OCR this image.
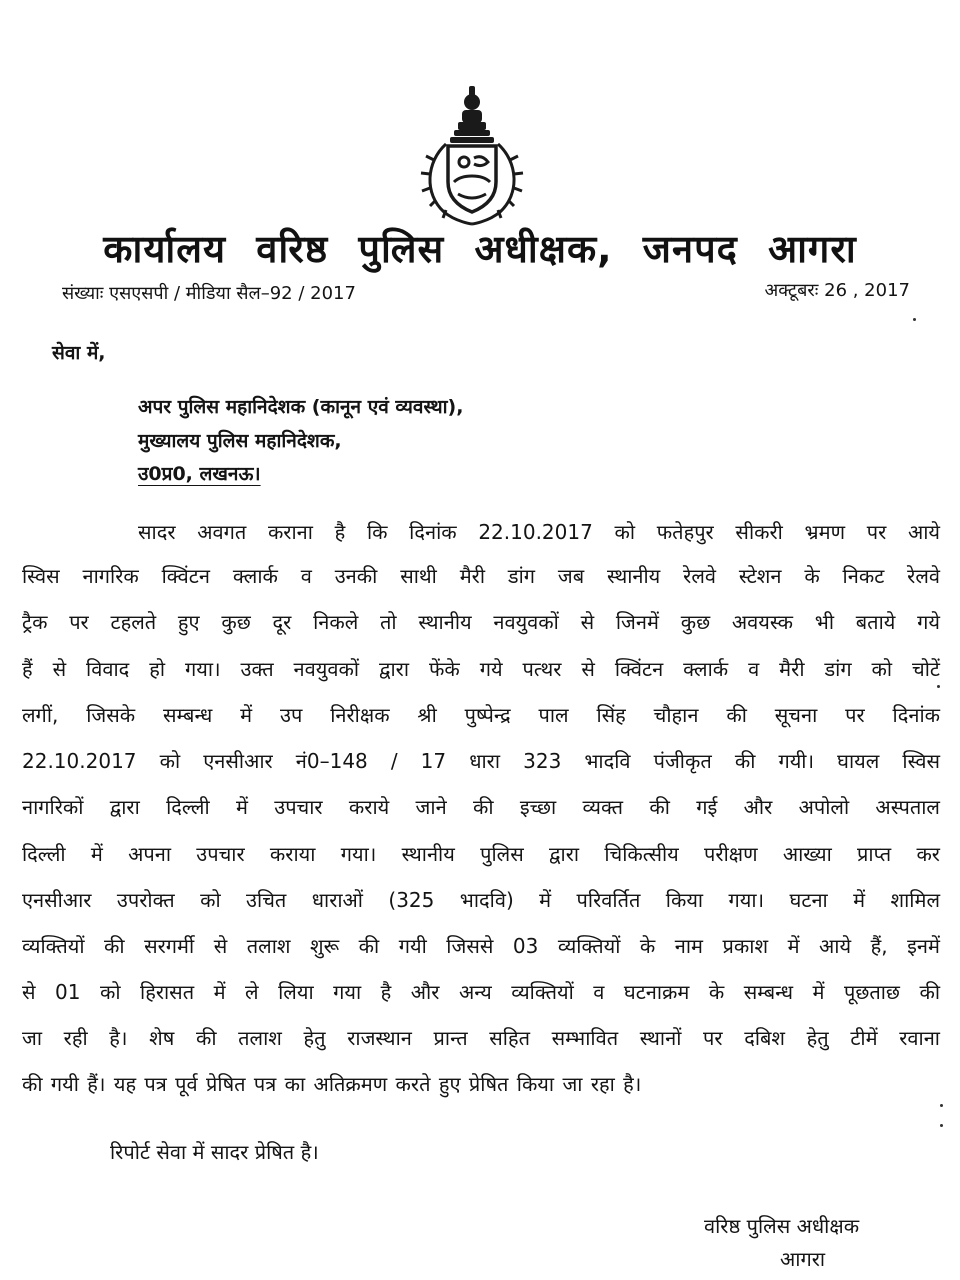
कार्यालय वरिष्ठ पुलिस अधीक्षक, जनपद आगरा
संख्याः एसएसपी / मीडिया सैल–92 / 2017	अक्टूबरः 26 , 2017
सेवा में,
अपर पुलिस महानिदेशक (कानून एवं व्यवस्था),
मुख्यालय पुलिस महानिदेशक,
उ0प्र0, लखनऊ।
सादर अवगत कराना है कि दिनांक 22.10.2017 को फतेहपुर सीकरी भ्रमण पर आये
स्विस नागरिक क्विंटन क्लार्क व उनकी साथी मैरी डांग जब स्थानीय रेलवे स्टेशन के निकट रेलवे
ट्रैक पर टहलते हुए कुछ दूर निकले तो स्थानीय नवयुवकों से जिनमें कुछ अवयस्क भी बताये गये
हैं से विवाद हो गया। उक्त नवयुवकों द्वारा फेंके गये पत्थर से क्विंटन क्लार्क व मैरी डांग को चोटें
लगीं, जिसके सम्बन्ध में उप निरीक्षक श्री पुष्पेन्द्र पाल सिंह चौहान की सूचना पर दिनांक
22.10.2017 को एनसीआर नं0–148 / 17 धारा 323 भादवि पंजीकृत की गयी। घायल स्विस
नागरिकों द्वारा दिल्ली में उपचार कराये जाने की इच्छा व्यक्त की गई और अपोलो अस्पताल
दिल्ली में अपना उपचार कराया गया। स्थानीय पुलिस द्वारा चिकित्सीय परीक्षण आख्या प्राप्त कर
एनसीआर उपरोक्त को उचित धाराओं (325 भादवि) में परिवर्तित किया गया। घटना में शामिल
व्यक्तियों की सरगर्मी से तलाश शुरू की गयी जिससे 03 व्यक्तियों के नाम प्रकाश में आये हैं, इनमें
से 01 को हिरासत में ले लिया गया है और अन्य व्यक्तियों व घटनाक्रम के सम्बन्ध में पूछताछ की
जा रही है। शेष की तलाश हेतु राजस्थान प्रान्त सहित सम्भावित स्थानों पर दबिश हेतु टीमें रवाना
की गयी हैं। यह पत्र पूर्व प्रेषित पत्र का अतिक्रमण करते हुए प्रेषित किया जा रहा है।
रिपोर्ट सेवा में सादर प्रेषित है।
वरिष्ठ पुलिस अधीक्षक
आगरा
